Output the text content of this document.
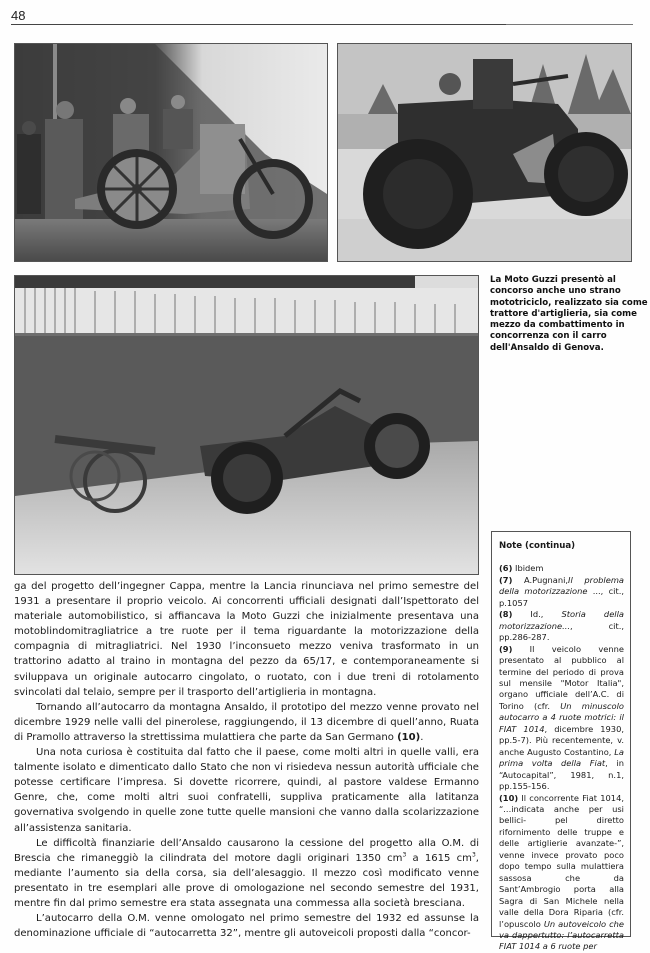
48
La Moto Guzzi presentò al concorso anche uno strano mototriciclo, realizzato sia come trattore d'artiglieria, sia come mezzo da combattimento in concorrenza con il carro dell'Ansaldo di Genova.

ga del progetto dell’ingegner Cappa, mentre la Lancia rinunciava nel primo semestre del 1931 a presentare il proprio veicolo. Ai concorrenti ufficiali designati dall’Ispettorato del materiale automobilistico, si affiancava la Moto Guzzi che inizialmente presentava una motoblindomitragliatrice a tre ruote per il tema riguardante la motorizzazione della compagnia di mitragliatrici. Nel 1930 l’inconsueto mezzo veniva trasformato in un trattorino adatto al traino in montagna del pezzo da 65/17, e contemporaneamente si sviluppava un originale autocarro cingolato, o ruotato, con i due treni di rotolamento svincolati dal telaio, sempre per il trasporto dell’artiglieria in montagna.

Tornando all’autocarro da montagna Ansaldo, il prototipo del mezzo venne provato nel dicembre 1929 nelle valli del pinerolese, raggiungendo, il 13 dicembre di quell’anno, Ruata di Pramollo attraverso la strettissima mulattiera che parte da San Germano (10).

Una nota curiosa è costituita dal fatto che il paese, come molti altri in quelle valli, era talmente isolato e dimenticato dallo Stato che non vi risiedeva nessun autorità ufficiale che potesse certificare l’impresa. Si dovette ricorrere, quindi, al pastore valdese Ermanno Genre, che, come molti altri suoi confratelli, suppliva praticamente alla latitanza governativa svolgendo in quelle zone tutte quelle mansioni che vanno dalla scolarizzazione all’assistenza sanitaria.

Le difficoltà finanziarie dell’Ansaldo causarono la cessione del progetto alla O.M. di Brescia che rimaneggiò la cilindrata del motore dagli originari 1350 $cm^3$ a 1615 $cm^3$, mediante l’aumento sia della corsa, sia dell’alesaggio. Il mezzo così modificato venne presentato in tre esemplari alle prove di omologazione nel secondo semestre del 1931, mentre fin dal primo semestre era stata assegnata una commessa alla società bresciana.

L’autocarro della O.M. venne omologato nel primo semestre del 1932 ed assunse la denominazione ufficiale di “autocarretta 32”, mentre gli autoveicoli proposti dalla “concor-

Note (continua)

(6) Ibidem

(7) A.Pugnani,Il problema della motorizzazione ..., cit., p.1057

(8) Id., Storia della motorizzazione..., cit., pp.286-287.

(9) Il veicolo venne presentato al pubblico al termine del periodo di prova sul mensile "Motor Italia", organo ufficiale dell’A.C. di Torino (cfr. Un minuscolo autocarro a 4 ruote motrici: il FIAT 1014, dicembre 1930, pp.5-7). Più recentemente, v. anche Augusto Costantino, La prima volta della Fiat, in “Autocapital”, 1981, n.1, pp.155-156.

(10) Il concorrente Fiat 1014, “...indicata anche per usi bellici- pel diretto rifornimento delle truppe e delle artiglierie avanzate-”, venne invece provato poco dopo tempo sulla mulattiera sassosa che da Sant’Ambrogio porta alla Sagra di San Michele nella valle della Dora Riparia (cfr. l’opuscolo Un autoveicolo che va dappertutto: l’autocarretta FIAT 1014 a 6 ruote per
